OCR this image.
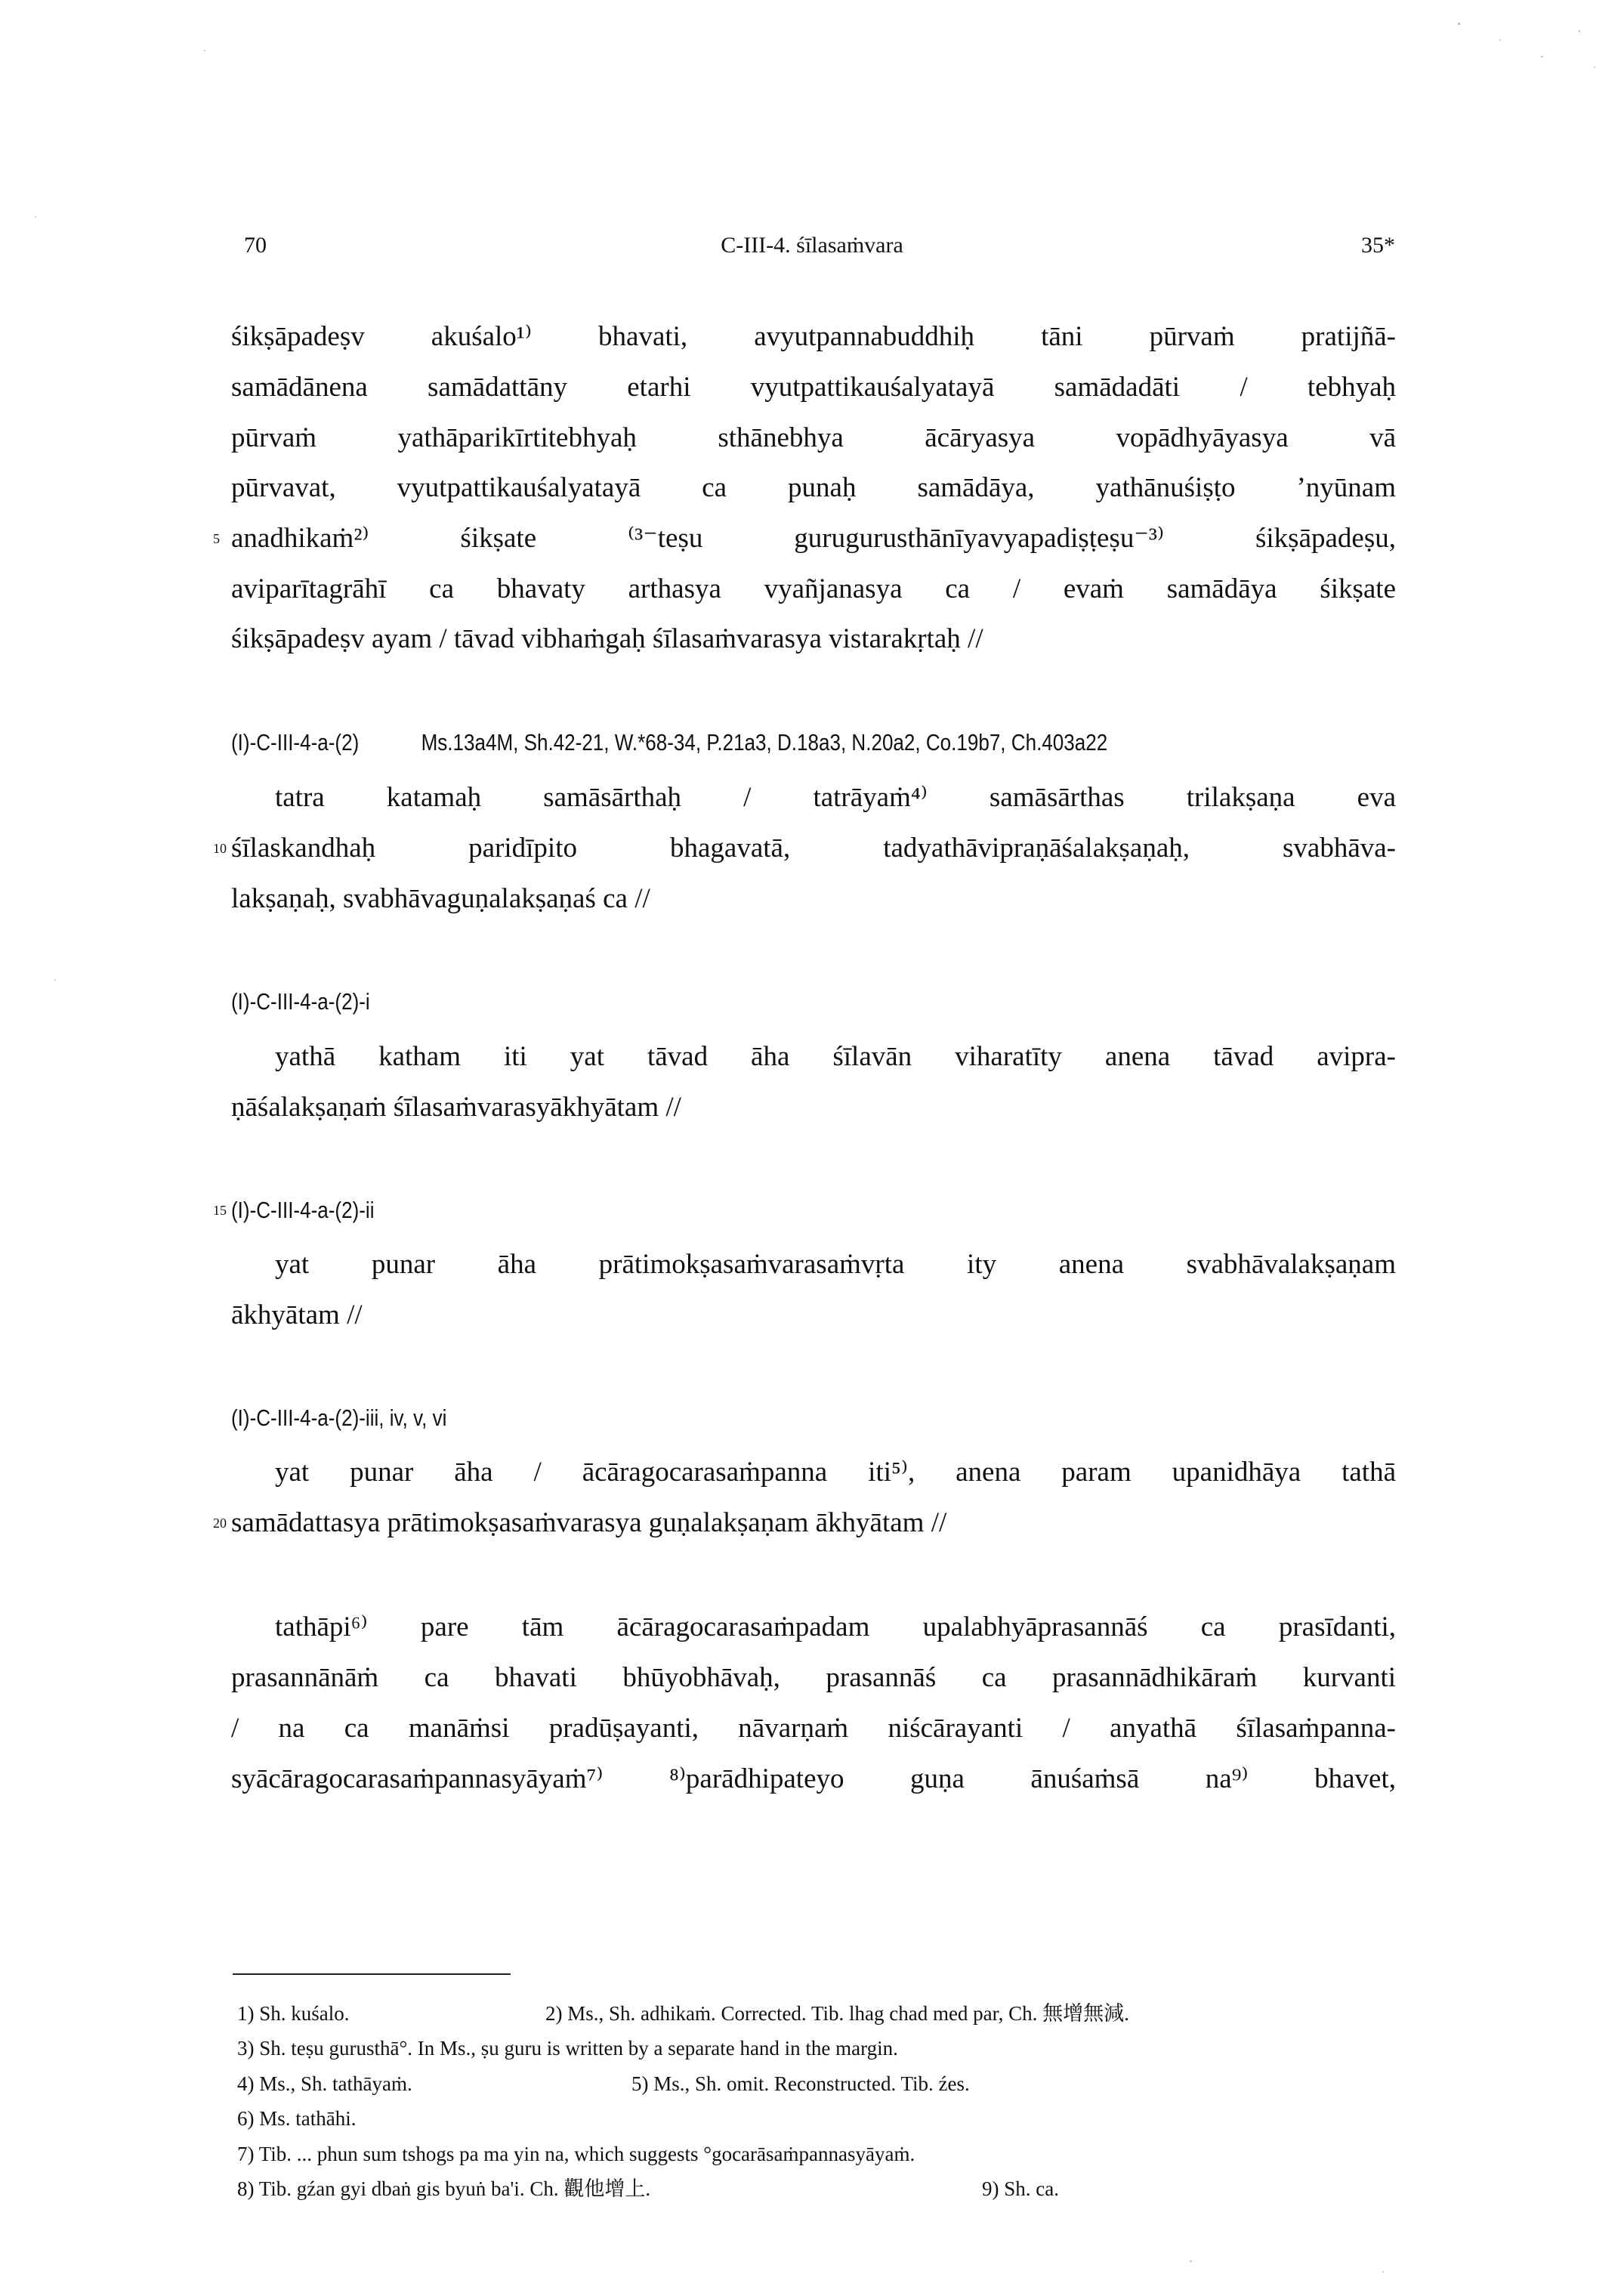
70	C-III-4. śīlasaṁvara	35*
śikṣāpadeṣv akuśalo¹⁾ bhavati, avyutpannabuddhiḥ tāni pūrvaṁ pratijñā-
samādānena samādattāny etarhi vyutpattikauśalyatayā samādadāti / tebhyaḥ
pūrvaṁ yathāparikīrtitebhyaḥ sthānebhya ācāryasya vopādhyāyasya vā
pūrvavat, vyutpattikauśalyatayā ca punaḥ samādāya, yathānuśiṣṭo ’nyūnam
5 anadhikaṁ²⁾ śikṣate ⁽³⁻teṣu gurugurusthānīyavyapadiṣṭeṣu⁻³⁾ śikṣāpadeṣu,
aviparītagrāhī ca bhavaty arthasya vyañjanasya ca / evaṁ samādāya śikṣate
śikṣāpadeṣv ayam / tāvad vibhaṁgaḥ śīlasaṁvarasya vistarakṛtaḥ //
(I)-C-III-4-a-(2)	Ms.13a4M, Sh.42-21, W.*68-34, P.21a3, D.18a3, N.20a2, Co.19b7, Ch.403a22
tatra katamaḥ samāsārthaḥ / tatrāyaṁ⁴⁾ samāsārthas trilakṣaṇa eva
10 śīlaskandhaḥ paridīpito bhagavatā, tadyathāvipraṇāśalakṣaṇaḥ, svabhāva-
lakṣaṇaḥ, svabhāvaguṇalakṣaṇaś ca //
(I)-C-III-4-a-(2)-i
yathā katham iti yat tāvad āha śīlavān viharatīty anena tāvad avipra-
ṇāśalakṣaṇaṁ śīlasaṁvarasyākhyātam //
15 (I)-C-III-4-a-(2)-ii
yat punar āha prātimokṣasaṁvarasaṁvṛta ity anena svabhāvalakṣaṇam
ākhyātam //
(I)-C-III-4-a-(2)-iii, iv, v, vi
yat punar āha / ācāragocarasaṁpanna iti⁵⁾, anena param upanidhāya tathā
20 samādattasya prātimokṣasaṁvarasya guṇalakṣaṇam ākhyātam //
tathāpi⁶⁾ pare tām ācāragocarasaṁpadam upalabhyāprasannāś ca prasīdanti,
prasannānāṁ ca bhavati bhūyobhāvaḥ, prasannāś ca prasannādhikāraṁ kurvanti
/ na ca manāṁsi pradūṣayanti, nāvarṇaṁ niścārayanti / anyathā śīlasaṁpanna-
syācāragocarasaṁpannasyāyaṁ⁷⁾ ⁸⁾parādhipateyo guṇa ānuśaṁsā na⁹⁾ bhavet,
1) Sh. kuśalo.	2) Ms., Sh. adhikaṁ. Corrected. Tib. lhag chad med par, Ch. 無增無減.
3) Sh. teṣu gurusthā°. In Ms., ṣu guru is written by a separate hand in the margin.
4) Ms., Sh. tathāyaṁ.	5) Ms., Sh. omit. Reconstructed. Tib. źes.
6) Ms. tathāhi.
7) Tib. ... phun sum tshogs pa ma yin na, which suggests °gocarāsaṁpannasyāyaṁ.
8) Tib. gźan gyi dbaṅ gis byuṅ ba'i. Ch. 觀他增上.	9) Sh. ca.
